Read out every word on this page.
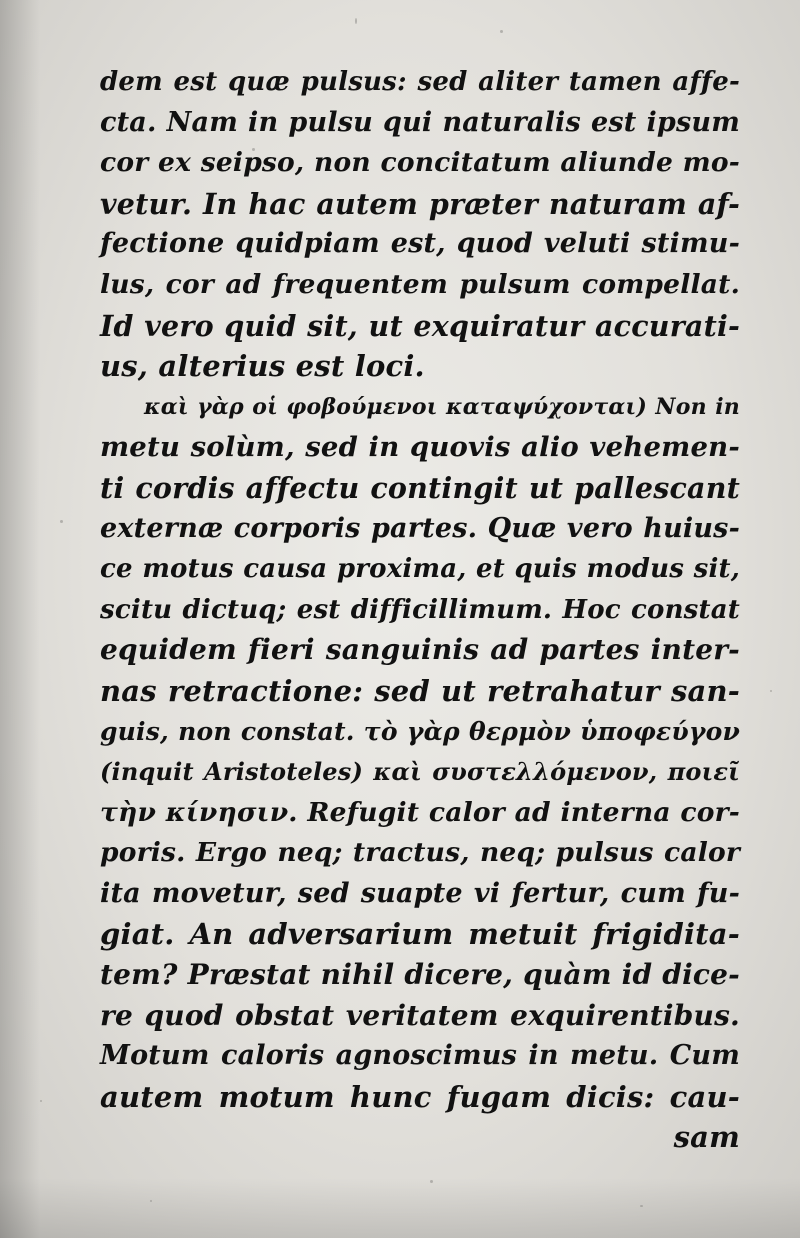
dem est quæ pulsus: sed aliter tamen affe-
cta. Nam in pulsu qui naturalis est ipsum
cor ex seipso, non concitatum aliunde mo-
vetur. In hac autem præter naturam af-
fectione quidpiam est, quod veluti stimu-
lus, cor ad frequentem pulsum compellat.
Id vero quid sit, ut exquiratur accurati-
us, alterius est loci.
καὶ γὰρ οἱ φοβούμενοι καταψύχονται) Non in
metu solùm, sed in quovis alio vehemen-
ti cordis affectu contingit ut pallescant
externæ corporis partes. Quæ vero huius-
ce motus causa proxima, et quis modus sit,
scitu dictuq; est difficillimum. Hoc constat
equidem fieri sanguinis ad partes inter-
nas retractione: sed ut retrahatur san-
guis, non constat. τὸ γὰρ θερμὸν ὑποφεύγον
(inquit Aristoteles) καὶ συστελλόμενον, ποιεῖ
τὴν κίνησιν. Refugit calor ad interna cor-
poris. Ergo neq; tractus, neq; pulsus calor
ita movetur, sed suapte vi fertur, cum fu-
giat. An adversarium metuit frigidita-
tem? Præstat nihil dicere, quàm id dice-
re quod obstat veritatem exquirentibus.
Motum caloris agnoscimus in metu. Cum
autem motum hunc fugam dicis: cau-
sam
